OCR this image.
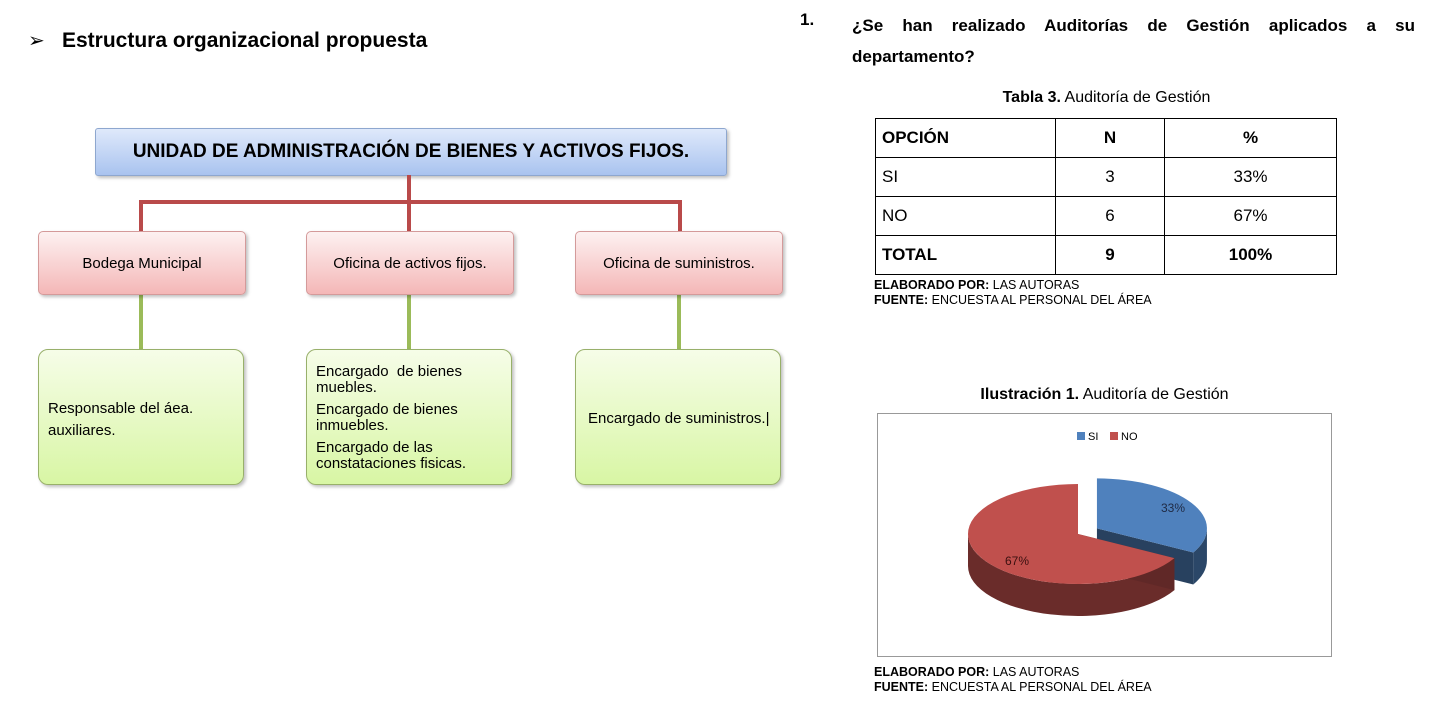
➢ Estructura organizacional propuesta
UNIDAD DE ADMINISTRACIÓN DE BIENES Y ACTIVOS FIJOS.
Bodega Municipal	Oficina de activos fijos.	Oficina de suministros.
Responsable del áea.
auxiliares.
Encargado  de bienes muebles.
Encargado de bienes inmuebles.
Encargado de las constataciones fisicas.
Encargado de suministros.|
1. ¿Se han realizado Auditorías de Gestión aplicados a su
departamento?
Tabla 3. Auditoría de Gestión
OPCIÓN	N	%
SI	3	33%
NO	6	67%
TOTAL	9	100%
ELABORADO POR: LAS AUTORAS
FUENTE: ENCUESTA AL PERSONAL DEL ÁREA
Ilustración 1. Auditoría de Gestión
SI NO
33%
67%
ELABORADO POR: LAS AUTORAS
FUENTE: ENCUESTA AL PERSONAL DEL ÁREA
